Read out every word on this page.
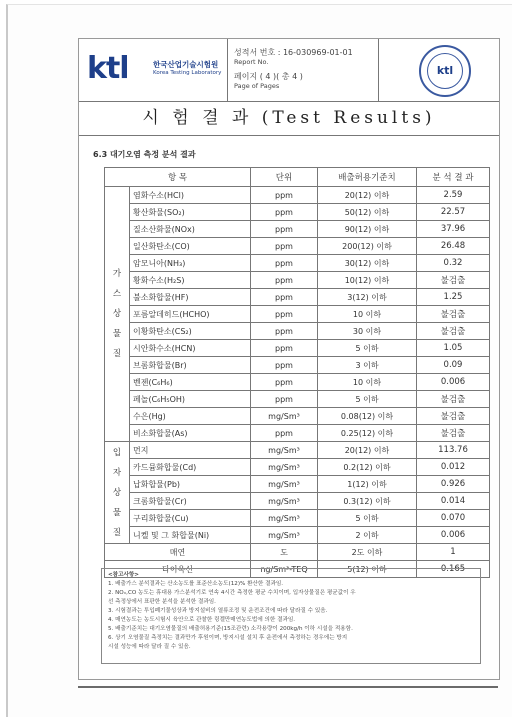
ktl	한국산업기술시험원
Korea Testing Laboratory
성적서 번호 : 16-030969-01-01
Report No.
페이지 ( 4 )( 총 4 )
Page of Pages
ktl
시 험 결 과 (Test Results)
6.3 대기오염 측정 분석 결과
항 목		단위	배출허용기준치	분 석 결 과

가
스
상
물
질	염화수소(HCl)	ppm	20(12) 이하	2.59
	황산화물(SO₂)	ppm	50(12) 이하	22.57
	질소산화물(NOx)	ppm	90(12) 이하	37.96
	일산화탄소(CO)	ppm	200(12) 이하	26.48
	암모니아(NH₃)	ppm	30(12) 이하	0.32
	황화수소(H₂S)	ppm	10(12) 이하	불검출
	불소화합물(HF)	ppm	3(12) 이하	1.25
	포름알데히드(HCHO)	ppm	10 이하	불검출
	이황화탄소(CS₂)	ppm	30 이하	불검출
	시안화수소(HCN)	ppm	5 이하	1.05
	브롬화합물(Br)	ppm	3 이하	0.09
	벤젠(C₆H₆)	ppm	10 이하	0.006
	페놀(C₆H₅OH)	ppm	5 이하	불검출
	수은(Hg)	mg/Sm³	0.08(12) 이하	불검출
	비소화합물(As)	ppm	0.25(12) 이하	불검출

입
자
상
물
질	먼지	mg/Sm³	20(12) 이하	113.76
	카드뮴화합물(Cd)	mg/Sm³	0.2(12) 이하	0.012
	납화합물(Pb)	mg/Sm³	1(12) 이하	0.926
	크롬화합물(Cr)	mg/Sm³	0.3(12) 이하	0.014
	구리화합물(Cu)	mg/Sm³	5 이하	0.070
	니켈 및 그 화합물(Ni)	mg/Sm³	2 이하	0.006
매연		도	2도 이하	1
다이옥신		ng/Sm³-TEQ	5(12) 이하	0.165
<참고사항>
1. 배출가스 분석결과는 산소농도를 표준산소농도(12)% 환산한 결과임.
2. NOₓ,CO 농도는 휴대용 가스분석기로 연속 4시간 측정한 평균 수치이며, 입자상물질은 평균값이 우
선 측정상에서 표판한 분석을 분석한 결과임.
3. 시험결과는 투입폐기물성상과 방지설비의 열류조정 및 운전조건에 따라 달라질 수 있음.
4. 매연농도는 농도시험시 육안으로 관찰한 링겔만매연농도법에 의한 결과임.
5. 배출기준치는 대기오염물질의 배출허용기준(15조관련) 소각용량이 200kg/h 이하 시설을 적용함.
6. 상기 오염물질 측정치는 결과만가 후원이며, 방지시설 설치 후 운전에서 측정하는 경우에는 방지
시설 성능에 따라 달라 질 수 있음.
